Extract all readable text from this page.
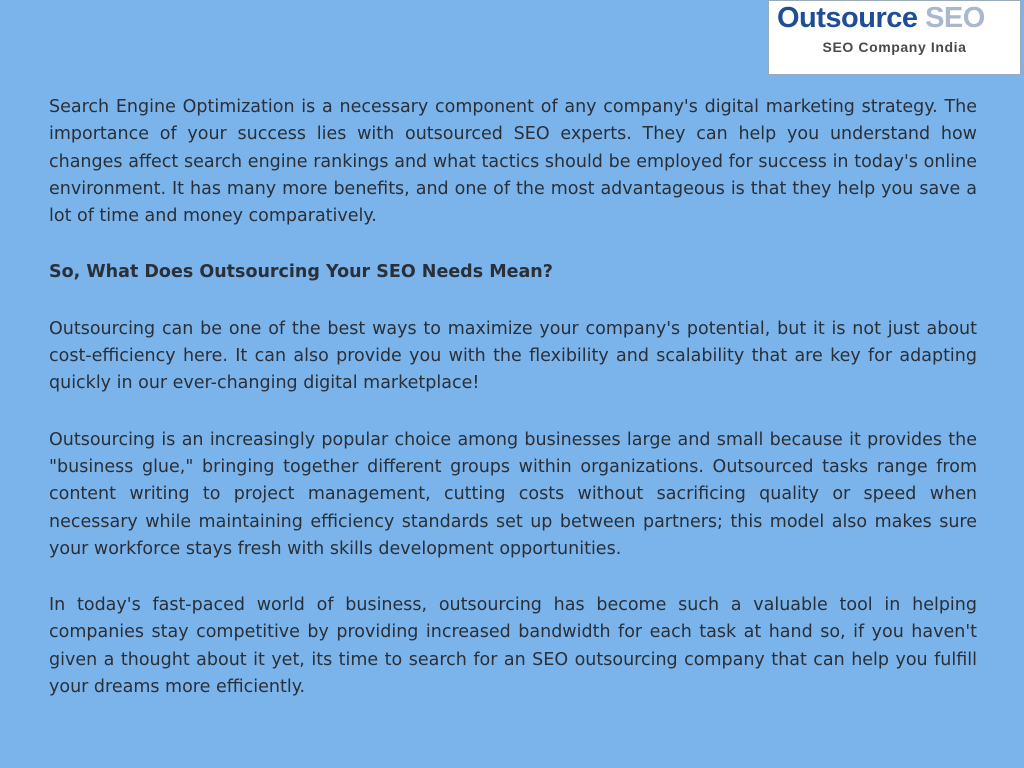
Outsource SEO
SEO Company India

Search Engine Optimization is a necessary component of any company's digital marketing strategy. The importance of your success lies with outsourced SEO experts. They can help you understand how changes affect search engine rankings and what tactics should be employed for success in today's online environment. It has many more benefits, and one of the most advantageous is that they help you save a lot of time and money comparatively.

So, What Does Outsourcing Your SEO Needs Mean?

Outsourcing can be one of the best ways to maximize your company's potential, but it is not just about cost-efficiency here. It can also provide you with the flexibility and scalability that are key for adapting quickly in our ever-changing digital marketplace!

Outsourcing is an increasingly popular choice among businesses large and small because it provides the "business glue," bringing together different groups within organizations. Outsourced tasks range from content writing to project management, cutting costs without sacrificing quality or speed when necessary while maintaining efficiency standards set up between partners; this model also makes sure your workforce stays fresh with skills development opportunities.

In today's fast-paced world of business, outsourcing has become such a valuable tool in helping companies stay competitive by providing increased bandwidth for each task at hand so, if you haven't given a thought about it yet, its time to search for an SEO outsourcing company that can help you fulfill your dreams more efficiently.
